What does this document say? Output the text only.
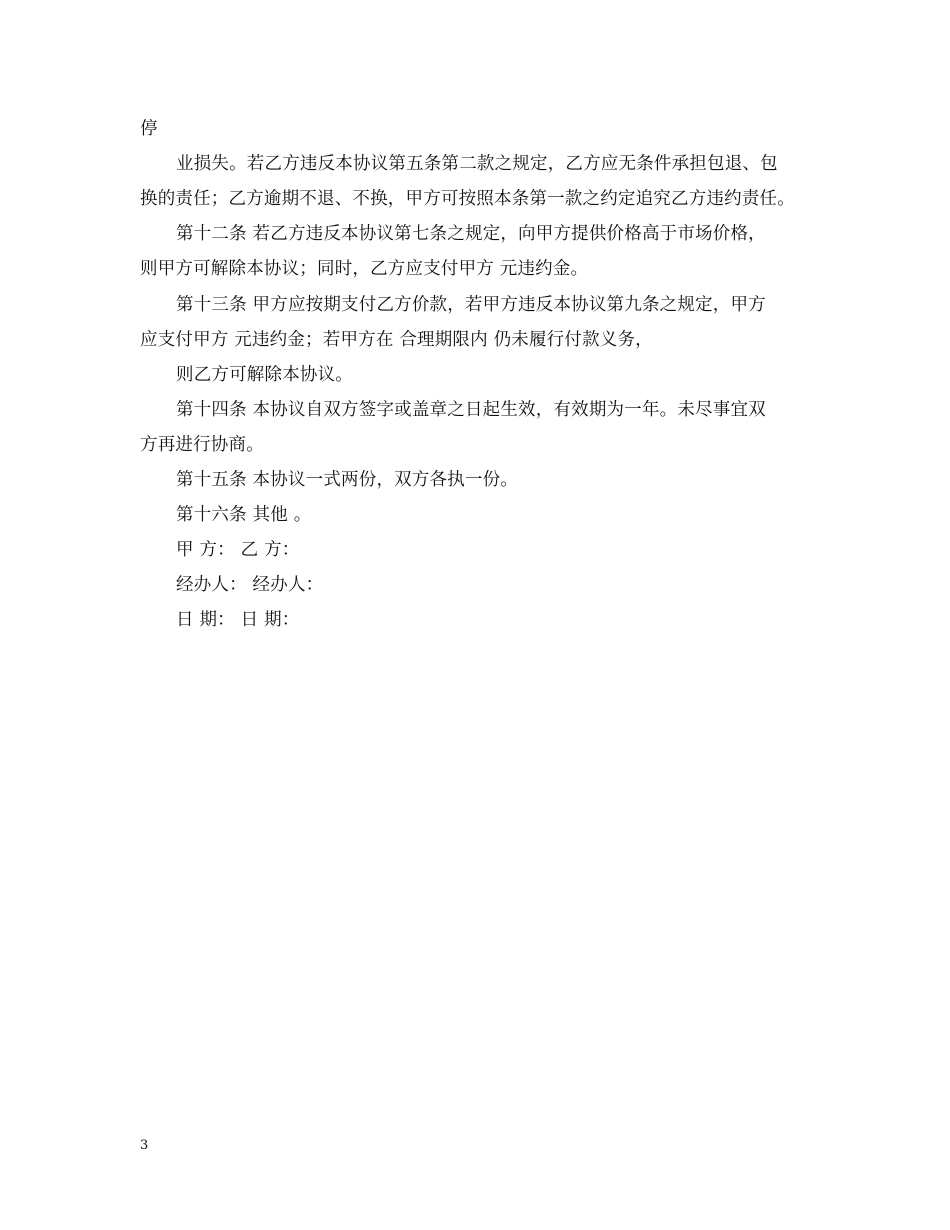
停
业损失。若乙方违反本协议第五条第二款之规定，乙方应无条件承担包退、包
换的责任；乙方逾期不退、不换，甲方可按照本条第一款之约定追究乙方违约责任。
第十二条 若乙方违反本协议第七条之规定，向甲方提供价格高于市场价格，
则甲方可解除本协议；同时，乙方应支付甲方 元违约金。
第十三条 甲方应按期支付乙方价款，若甲方违反本协议第九条之规定，甲方
应支付甲方 元违约金；若甲方在 合理期限内 仍未履行付款义务，
则乙方可解除本协议。
第十四条 本协议自双方签字或盖章之日起生效，有效期为一年。未尽事宜双
方再进行协商。
第十五条 本协议一式两份，双方各执一份。
第十六条 其他 。
甲 方： 乙 方：
经办人： 经办人：
日 期： 日 期：
3
